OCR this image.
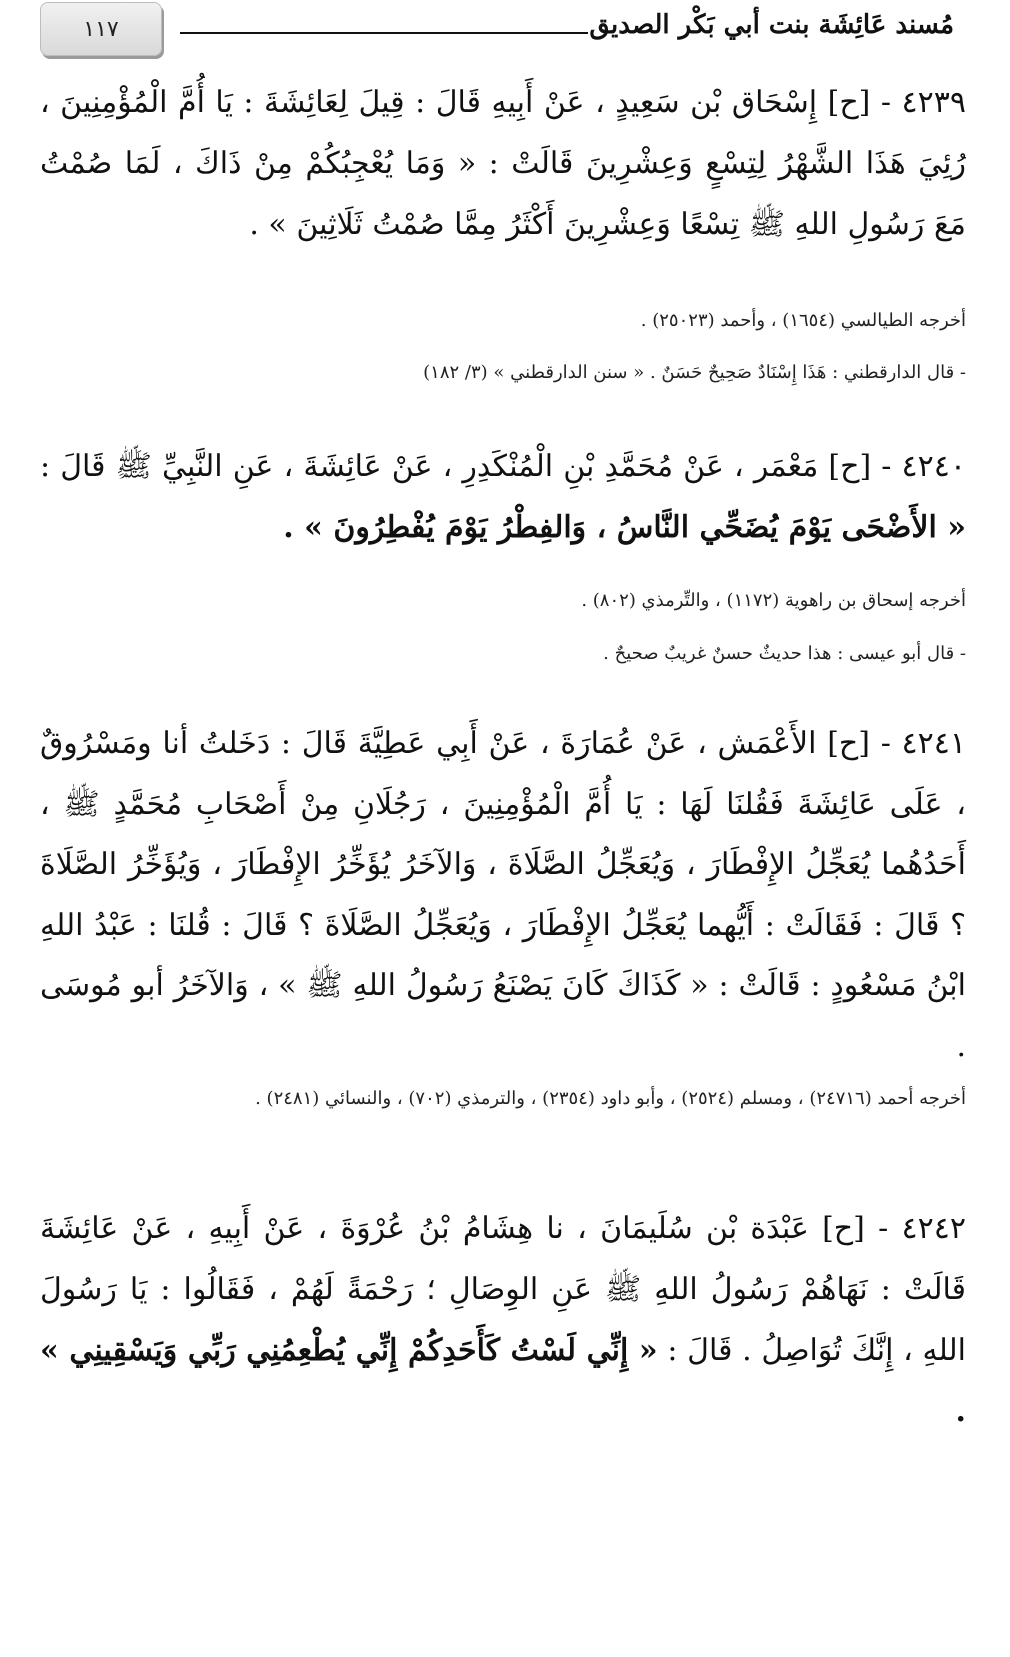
١١٧	مُسند عَائِشَة بنت أبي بَكْر الصديق
٤٢٣٩ - [ح] إِسْحَاق بْن سَعِيدٍ ، عَنْ أَبِيهِ قَالَ : قِيلَ لِعَائِشَةَ : يَا أُمَّ الْمُؤْمِنِينَ ، رُئِيَ هَذَا الشَّهْرُ لِتِسْعٍ وَعِشْرِينَ قَالَتْ : « وَمَا يُعْجِبُكُمْ مِنْ ذَاكَ ، لَمَا صُمْتُ مَعَ رَسُولِ اللهِ ﷺ تِسْعًا وَعِشْرِينَ أَكْثَرُ مِمَّا صُمْتُ ثَلَاثِينَ » .
أخرجه الطيالسي (١٦٥٤) ، وأحمد (٢٥٠٢٣) .
- قال الدارقطني : هَذَا إِسْنَادٌ صَحِيحٌ حَسَنٌ . « سنن الدارقطني » (٣/ ١٨٢)
٤٢٤٠ - [ح] مَعْمَر ، عَنْ مُحَمَّدِ بْنِ الْمُنْكَدِرِ ، عَنْ عَائِشَةَ ، عَنِ النَّبِيِّ ﷺ قَالَ : « الأَضْحَى يَوْمَ يُضَحِّي النَّاسُ ، وَالفِطْرُ يَوْمَ يُفْطِرُونَ » .
أخرجه إسحاق بن راهوية (١١٧٢) ، والتِّرمذي (٨٠٢) .
- قال أبو عيسى : هذا حديثٌ حسنٌ غريبٌ صحيحٌ .
٤٢٤١ - [ح] الأَعْمَش ، عَنْ عُمَارَةَ ، عَنْ أَبِي عَطِيَّةَ قَالَ : دَخَلتُ أنا ومَسْرُوقٌ ، عَلَى عَائِشَةَ فَقُلنَا لَهَا : يَا أُمَّ الْمُؤْمِنِينَ ، رَجُلَانِ مِنْ أَصْحَابِ مُحَمَّدٍ ﷺ ، أَحَدُهُما يُعَجِّلُ الإِفْطَارَ ، وَيُعَجِّلُ الصَّلَاةَ ، وَالآخَرُ يُؤَخِّرُ الإِفْطَارَ ، وَيُؤَخِّرُ الصَّلَاةَ ؟ قَالَ : فَقَالَتْ : أَيُّهما يُعَجِّلُ الإِفْطَارَ ، وَيُعَجِّلُ الصَّلَاةَ ؟ قَالَ : قُلنَا : عَبْدُ اللهِ ابْنُ مَسْعُودٍ : قَالَتْ : « كَذَاكَ كَانَ يَصْنَعُ رَسُولُ اللهِ ﷺ » ، وَالآخَرُ أبو مُوسَى .
أخرجه أحمد (٢٤٧١٦) ، ومسلم (٢٥٢٤) ، وأبو داود (٢٣٥٤) ، والترمذي (٧٠٢) ، والنسائي (٢٤٨١) .
٤٢٤٢ - [ح] عَبْدَة بْن سُلَيمَانَ ، نا هِشَامُ بْنُ عُرْوَةَ ، عَنْ أَبِيهِ ، عَنْ عَائِشَةَ قَالَتْ : نَهَاهُمْ رَسُولُ اللهِ ﷺ عَنِ الوِصَالِ ؛ رَحْمَةً لَهُمْ ، فَقَالُوا : يَا رَسُولَ اللهِ ، إِنَّكَ تُوَاصِلُ . قَالَ : « إِنِّي لَسْتُ كَأَحَدِكُمْ إِنِّي يُطْعِمُنِي رَبِّي وَيَسْقِينِي » .
